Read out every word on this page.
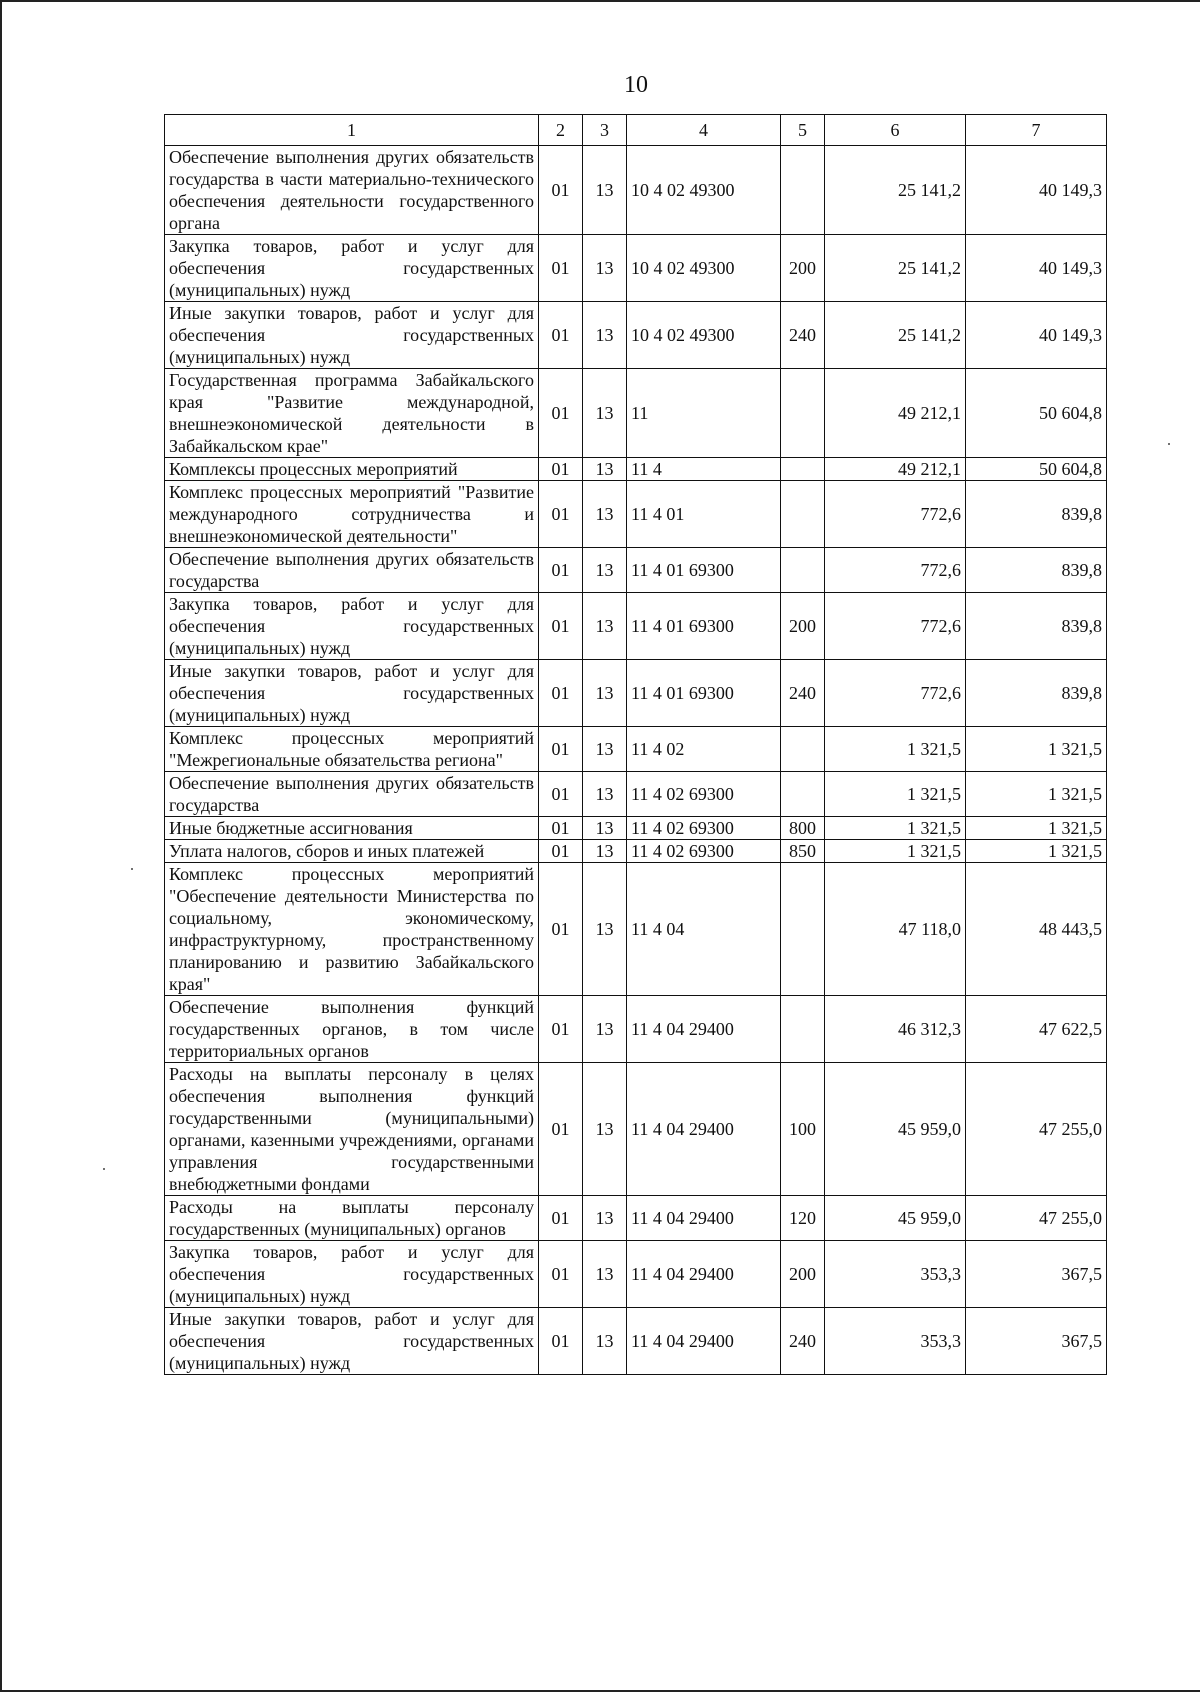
10
1	2	3	4	5	6	7
Обеспечение выполнения других обязательств государства в части материально-технического обеспечения деятельности государственного органа	01	13	10 4 02 49300		25 141,2	40 149,3
Закупка товаров, работ и услуг для обеспечения государственных (муниципальных) нужд	01	13	10 4 02 49300	200	25 141,2	40 149,3
Иные закупки товаров, работ и услуг для обеспечения государственных (муниципальных) нужд	01	13	10 4 02 49300	240	25 141,2	40 149,3
Государственная программа Забайкальского края "Развитие международной, внешнеэкономической деятельности в Забайкальском крае"	01	13	11		49 212,1	50 604,8
Комплексы процессных мероприятий	01	13	11 4		49 212,1	50 604,8
Комплекс процессных мероприятий "Развитие международного сотрудничества и внешнеэкономической деятельности"	01	13	11 4 01		772,6	839,8
Обеспечение выполнения других обязательств государства	01	13	11 4 01 69300		772,6	839,8
Закупка товаров, работ и услуг для обеспечения государственных (муниципальных) нужд	01	13	11 4 01 69300	200	772,6	839,8
Иные закупки товаров, работ и услуг для обеспечения государственных (муниципальных) нужд	01	13	11 4 01 69300	240	772,6	839,8
Комплекс процессных мероприятий "Межрегиональные обязательства региона"	01	13	11 4 02		1 321,5	1 321,5
Обеспечение выполнения других обязательств государства	01	13	11 4 02 69300		1 321,5	1 321,5
Иные бюджетные ассигнования	01	13	11 4 02 69300	800	1 321,5	1 321,5
Уплата налогов, сборов и иных платежей	01	13	11 4 02 69300	850	1 321,5	1 321,5
Комплекс процессных мероприятий "Обеспечение деятельности Министерства по социальному, экономическому, инфраструктурному, пространственному планированию и развитию Забайкальского края"	01	13	11 4 04		47 118,0	48 443,5
Обеспечение выполнения функций государственных органов, в том числе территориальных органов	01	13	11 4 04 29400		46 312,3	47 622,5
Расходы на выплаты персоналу в целях обеспечения выполнения функций государственными (муниципальными) органами, казенными учреждениями, органами управления государственными внебюджетными фондами	01	13	11 4 04 29400	100	45 959,0	47 255,0
Расходы на выплаты персоналу государственных (муниципальных) органов	01	13	11 4 04 29400	120	45 959,0	47 255,0
Закупка товаров, работ и услуг для обеспечения государственных (муниципальных) нужд	01	13	11 4 04 29400	200	353,3	367,5
Иные закупки товаров, работ и услуг для обеспечения государственных (муниципальных) нужд	01	13	11 4 04 29400	240	353,3	367,5
